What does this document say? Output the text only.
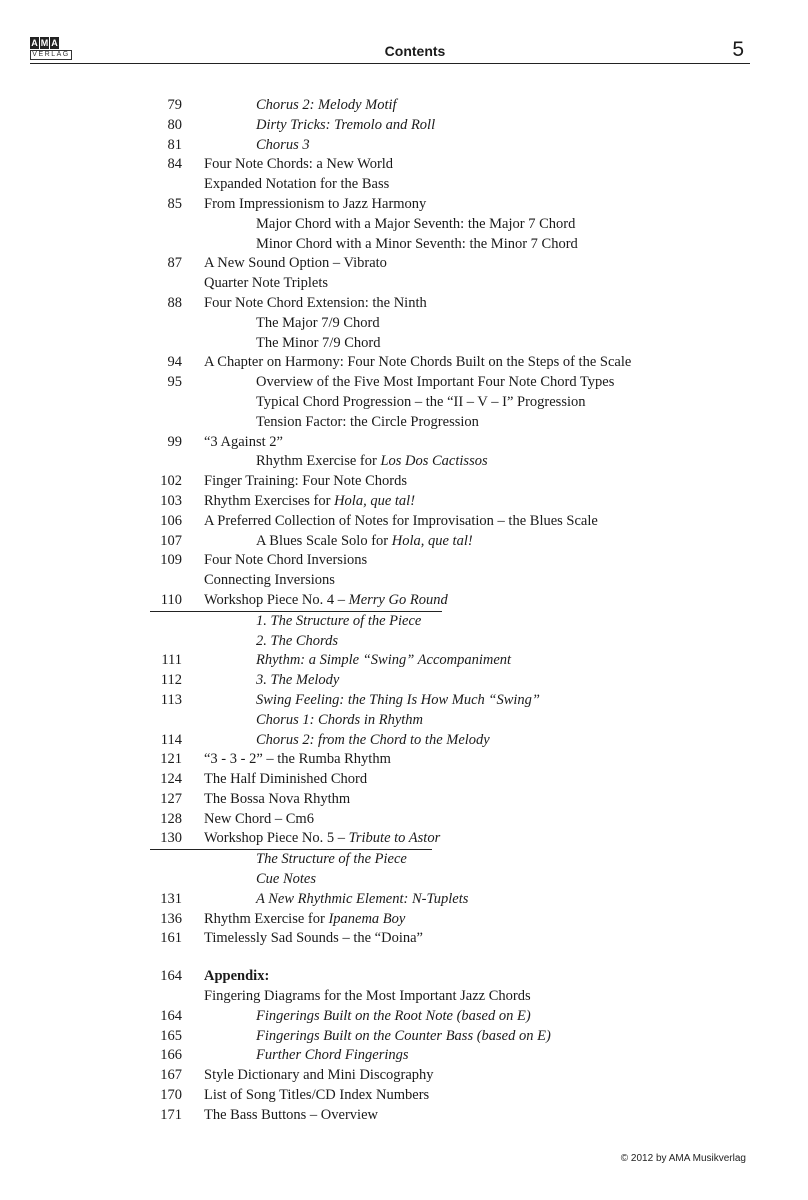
A M A
VERLAG	Contents	5
79	Chorus 2: Melody Motif
80	Dirty Tricks: Tremolo and Roll
81	Chorus 3
84 Four Note Chords: a New World
Expanded Notation for the Bass
85 From Impressionism to Jazz Harmony
Major Chord with a Major Seventh: the Major 7 Chord
Minor Chord with a Minor Seventh: the Minor 7 Chord
87 A New Sound Option – Vibrato
Quarter Note Triplets
88 Four Note Chord Extension: the Ninth
The Major 7/9 Chord
The Minor 7/9 Chord
94 A Chapter on Harmony: Four Note Chords Built on the Steps of the Scale
95	Overview of the Five Most Important Four Note Chord Types
Typical Chord Progression – the “II – V – I” Progression
Tension Factor: the Circle Progression
99 “3 Against 2”
Rhythm Exercise for Los Dos Cactissos
102 Finger Training: Four Note Chords
103 Rhythm Exercises for Hola, que tal!
106 A Preferred Collection of Notes for Improvisation – the Blues Scale
107	A Blues Scale Solo for Hola, que tal!
109 Four Note Chord Inversions
Connecting Inversions
110 Workshop Piece No. 4 – Merry Go Round
1. The Structure of the Piece
2. The Chords
111	Rhythm: a Simple “Swing” Accompaniment
112	3. The Melody
113	Swing Feeling: the Thing Is How Much “Swing”
Chorus 1: Chords in Rhythm
114	Chorus 2: from the Chord to the Melody
121 “3 - 3 - 2” – the Rumba Rhythm
124 The Half Diminished Chord
127 The Bossa Nova Rhythm
128 New Chord – Cm6
130 Workshop Piece No. 5 – Tribute to Astor
The Structure of the Piece
Cue Notes
131	A New Rhythmic Element: N-Tuplets
136 Rhythm Exercise for Ipanema Boy
161 Timelessly Sad Sounds – the “Doina”
164 Appendix:
Fingering Diagrams for the Most Important Jazz Chords
164	Fingerings Built on the Root Note (based on E)
165	Fingerings Built on the Counter Bass (based on E)
166	Further Chord Fingerings
167 Style Dictionary and Mini Discography
170 List of Song Titles/CD Index Numbers
171 The Bass Buttons – Overview
© 2012 by AMA Musikverlag
